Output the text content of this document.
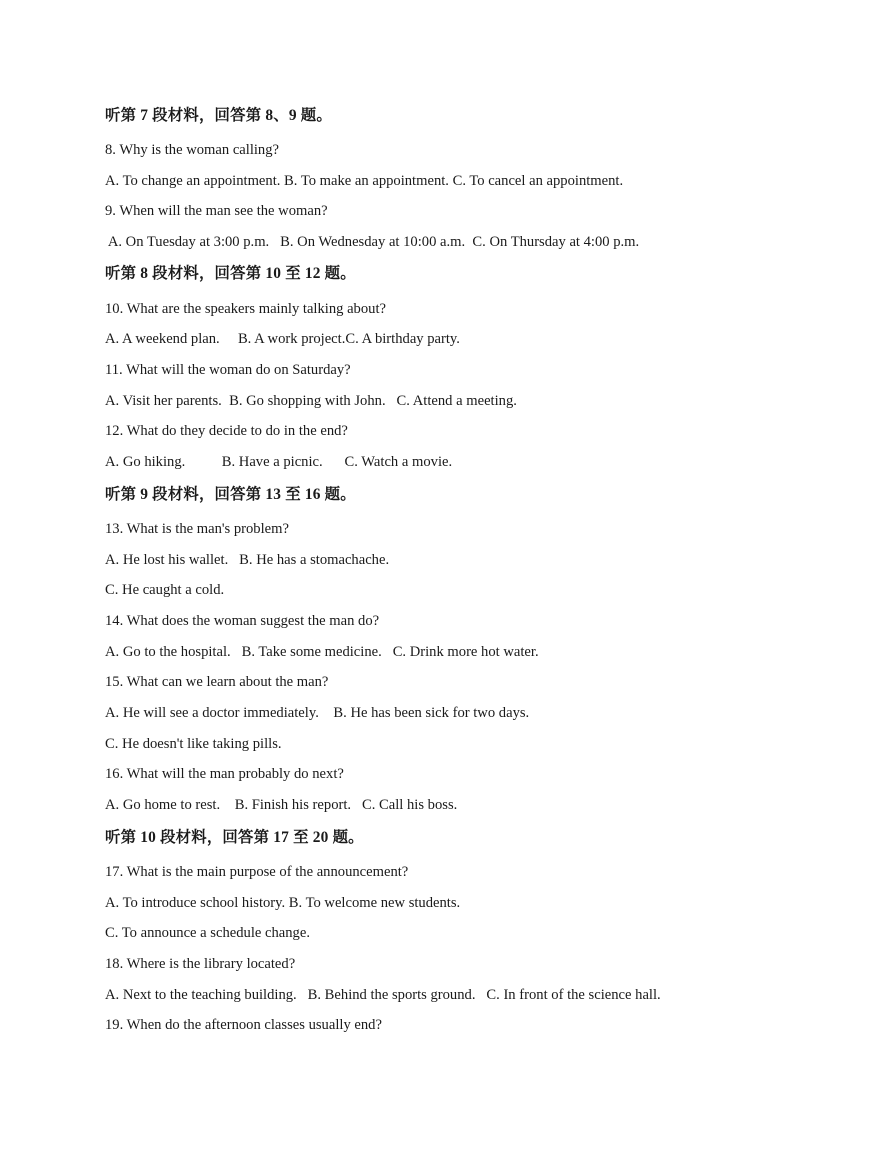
听第 7 段材料，回答第 8、9 题。
8. Why is the woman calling?
A. To change an appointment. B. To make an appointment. C. To cancel an appointment.
9. When will the man see the woman?
A. On Tuesday at 3:00 p.m.   B. On Wednesday at 10:00 a.m.  C. On Thursday at 4:00 p.m.
听第 8 段材料，回答第 10 至 12 题。
10. What are the speakers mainly talking about?
A. A weekend plan.     B. A work project.C. A birthday party.
11. What will the woman do on Saturday?
A. Visit her parents.  B. Go shopping with John.   C. Attend a meeting.
12. What do they decide to do in the end?
A. Go hiking.          B. Have a picnic.      C. Watch a movie.
听第 9 段材料，回答第 13 至 16 题。
13. What is the man's problem?
A. He lost his wallet.   B. He has a stomachache.
C. He caught a cold.
14. What does the woman suggest the man do?
A. Go to the hospital.   B. Take some medicine.   C. Drink more hot water.
15. What can we learn about the man?
A. He will see a doctor immediately.    B. He has been sick for two days.
C. He doesn't like taking pills.
16. What will the man probably do next?
A. Go home to rest.    B. Finish his report.   C. Call his boss.
听第 10 段材料，回答第 17 至 20 题。
17. What is the main purpose of the announcement?
A. To introduce school history. B. To welcome new students.
C. To announce a schedule change.
18. Where is the library located?
A. Next to the teaching building.   B. Behind the sports ground.   C. In front of the science hall.
19. When do the afternoon classes usually end?
